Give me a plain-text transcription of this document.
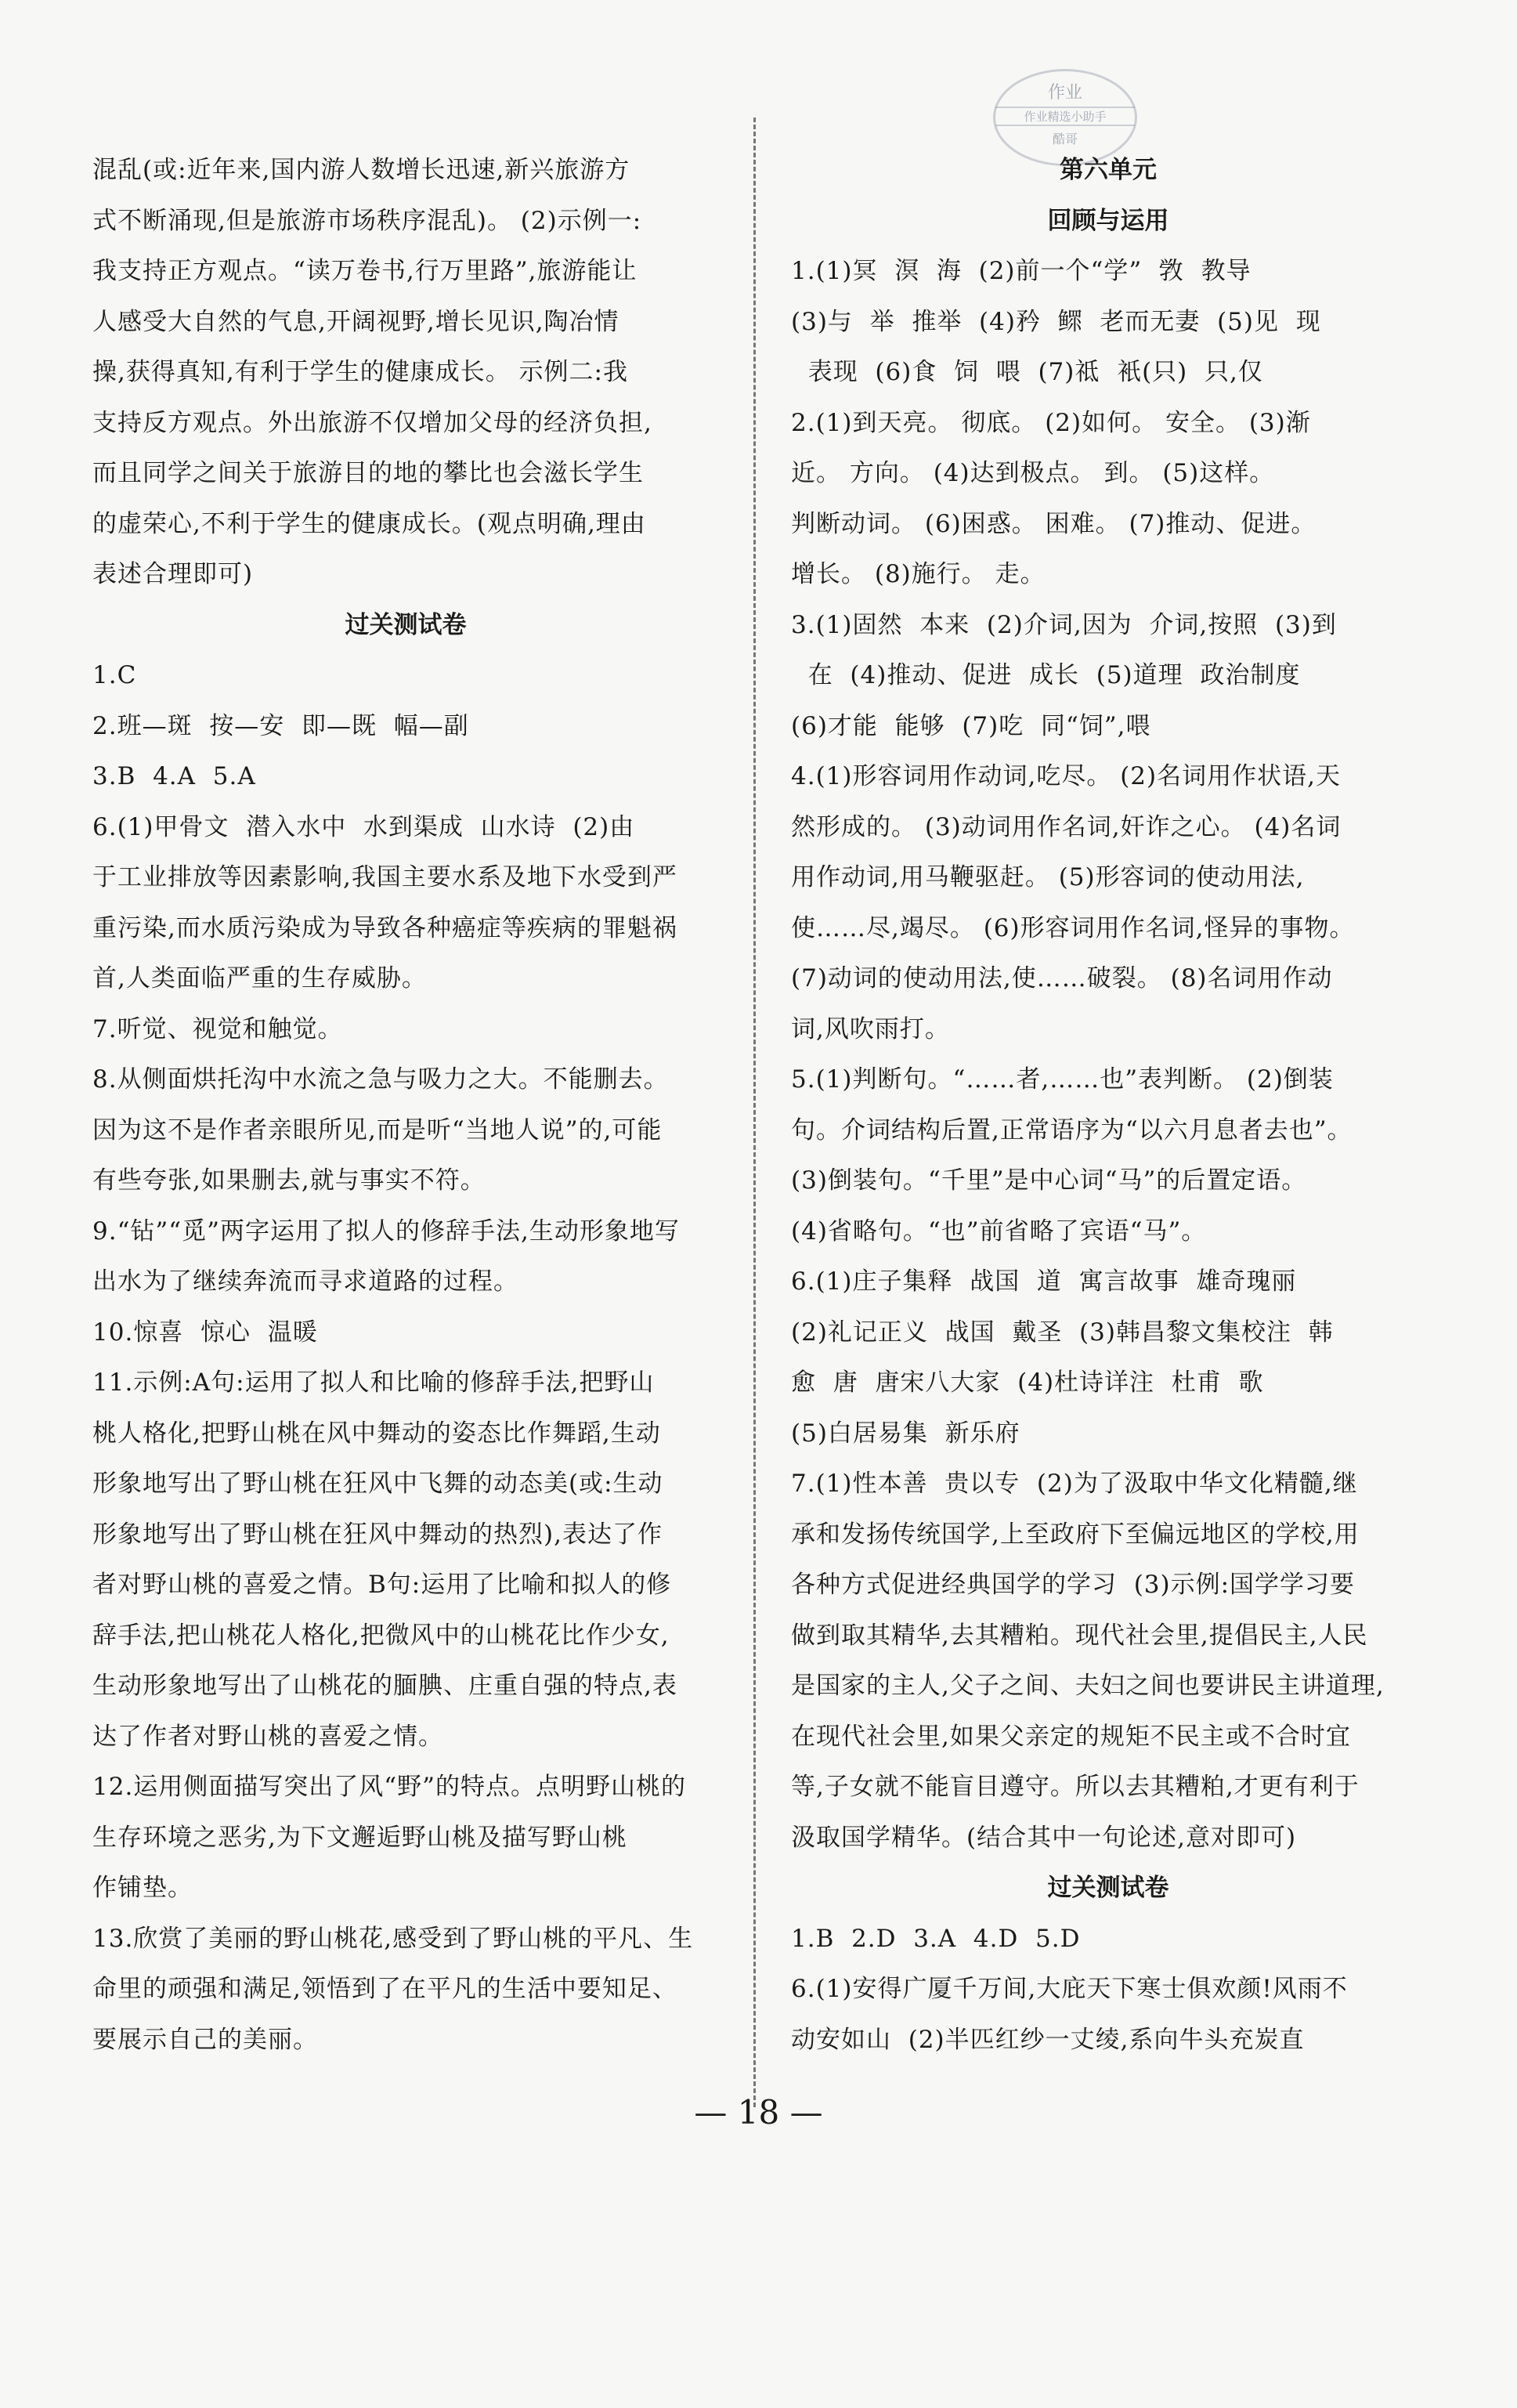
作业
作业精选小助手
酷哥
混乱(或:近年来,国内游人数增长迅速,新兴旅游方
式不断涌现,但是旅游市场秩序混乱)。 (2)示例一:
我支持正方观点。“读万卷书,行万里路”,旅游能让
人感受大自然的气息,开阔视野,增长见识,陶冶情
操,获得真知,有利于学生的健康成长。 示例二:我
支持反方观点。外出旅游不仅增加父母的经济负担,
而且同学之间关于旅游目的地的攀比也会滋长学生
的虚荣心,不利于学生的健康成长。(观点明确,理由
表述合理即可)
过关测试卷
1.C
2.班—斑  按—安  即—既  幅—副
3.B  4.A  5.A
6.(1)甲骨文  潜入水中  水到渠成  山水诗  (2)由
于工业排放等因素影响,我国主要水系及地下水受到严
重污染,而水质污染成为导致各种癌症等疾病的罪魁祸
首,人类面临严重的生存威胁。
7.听觉、视觉和触觉。
8.从侧面烘托沟中水流之急与吸力之大。不能删去。
因为这不是作者亲眼所见,而是听“当地人说”的,可能
有些夸张,如果删去,就与事实不符。
9.“钻”“觅”两字运用了拟人的修辞手法,生动形象地写
出水为了继续奔流而寻求道路的过程。
10.惊喜  惊心  温暖
11.示例:A句:运用了拟人和比喻的修辞手法,把野山
桃人格化,把野山桃在风中舞动的姿态比作舞蹈,生动
形象地写出了野山桃在狂风中飞舞的动态美(或:生动
形象地写出了野山桃在狂风中舞动的热烈),表达了作
者对野山桃的喜爱之情。B句:运用了比喻和拟人的修
辞手法,把山桃花人格化,把微风中的山桃花比作少女,
生动形象地写出了山桃花的腼腆、庄重自强的特点,表
达了作者对野山桃的喜爱之情。
12.运用侧面描写突出了风“野”的特点。点明野山桃的
生存环境之恶劣,为下文邂逅野山桃及描写野山桃
作铺垫。
13.欣赏了美丽的野山桃花,感受到了野山桃的平凡、生
命里的顽强和满足,领悟到了在平凡的生活中要知足、
要展示自己的美丽。
第六单元
回顾与运用
1.(1)冥  溟  海  (2)前一个“学”  敩  教导
(3)与  举  推举  (4)矜  鳏  老而无妻  (5)见  现
表现  (6)食  饲  喂  (7)祗  衹(只)  只,仅
2.(1)到天亮。 彻底。 (2)如何。 安全。 (3)渐
近。 方向。 (4)达到极点。 到。 (5)这样。
判断动词。 (6)困惑。 困难。 (7)推动、促进。
增长。 (8)施行。 走。
3.(1)固然  本来  (2)介词,因为  介词,按照  (3)到
在  (4)推动、促进  成长  (5)道理  政治制度
(6)才能  能够  (7)吃  同“饲”,喂
4.(1)形容词用作动词,吃尽。 (2)名词用作状语,天
然形成的。 (3)动词用作名词,奸诈之心。 (4)名词
用作动词,用马鞭驱赶。 (5)形容词的使动用法,
使……尽,竭尽。 (6)形容词用作名词,怪异的事物。
(7)动词的使动用法,使……破裂。 (8)名词用作动
词,风吹雨打。
5.(1)判断句。“……者,……也”表判断。 (2)倒装
句。介词结构后置,正常语序为“以六月息者去也”。
(3)倒装句。“千里”是中心词“马”的后置定语。
(4)省略句。“也”前省略了宾语“马”。
6.(1)庄子集释  战国  道  寓言故事  雄奇瑰丽
(2)礼记正义  战国  戴圣  (3)韩昌黎文集校注  韩
愈  唐  唐宋八大家  (4)杜诗详注  杜甫  歌
(5)白居易集  新乐府
7.(1)性本善  贵以专  (2)为了汲取中华文化精髓,继
承和发扬传统国学,上至政府下至偏远地区的学校,用
各种方式促进经典国学的学习  (3)示例:国学学习要
做到取其精华,去其糟粕。现代社会里,提倡民主,人民
是国家的主人,父子之间、夫妇之间也要讲民主讲道理,
在现代社会里,如果父亲定的规矩不民主或不合时宜
等,子女就不能盲目遵守。所以去其糟粕,才更有利于
汲取国学精华。(结合其中一句论述,意对即可)
过关测试卷
1.B  2.D  3.A  4.D  5.D
6.(1)安得广厦千万间,大庇天下寒士俱欢颜!风雨不
动安如山  (2)半匹红纱一丈绫,系向牛头充炭直
— 18 —
